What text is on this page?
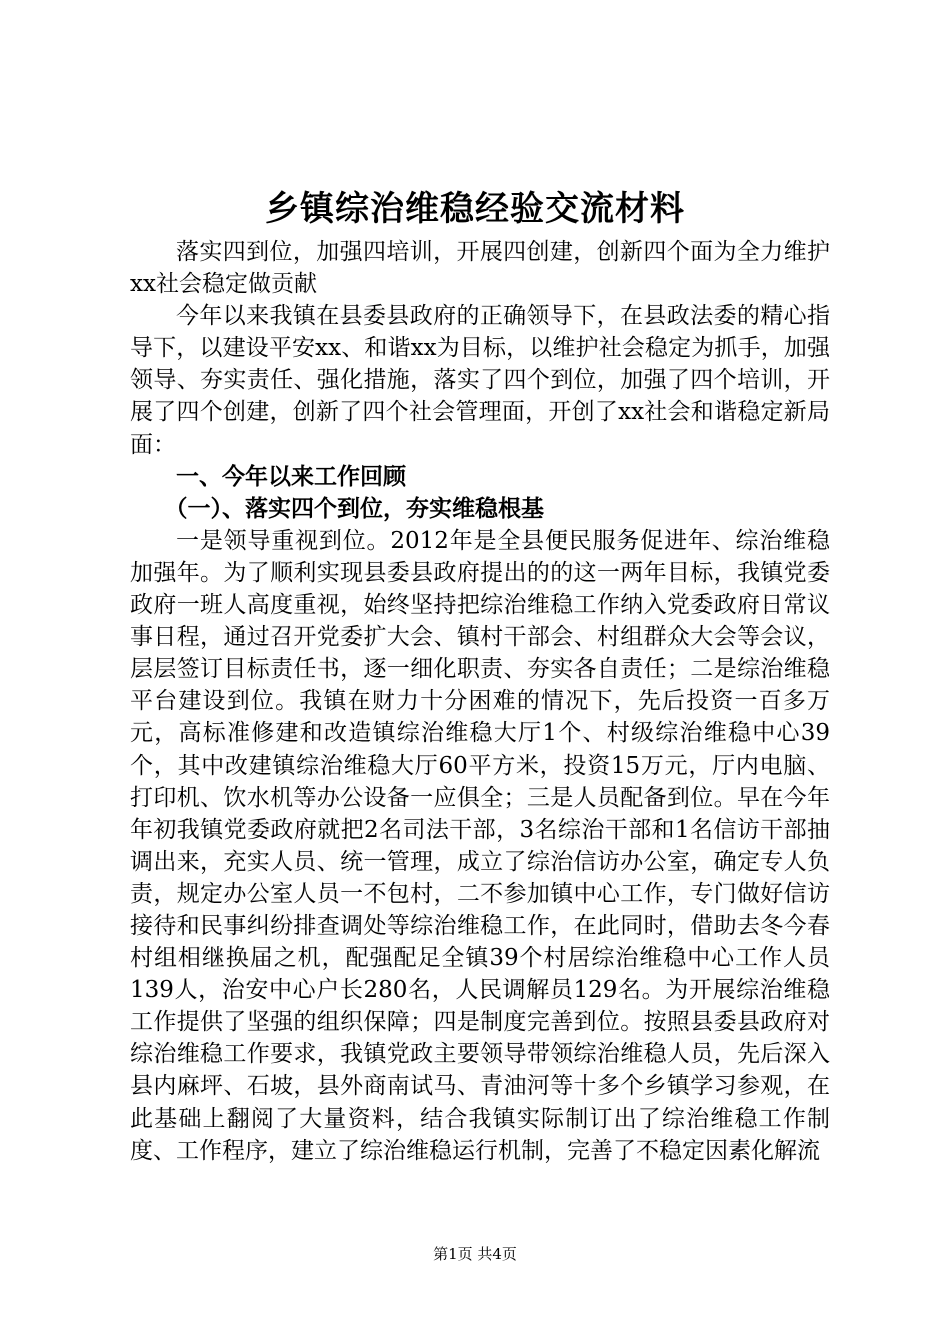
乡镇综治维稳经验交流材料

落实四到位，加强四培训，开展四创建，创新四个面为全力维护xx社会稳定做贡献

今年以来我镇在县委县政府的正确领导下，在县政法委的精心指导下，以建设平安xx、和谐xx为目标，以维护社会稳定为抓手，加强领导、夯实责任、强化措施，落实了四个到位，加强了四个培训，开展了四个创建，创新了四个社会管理面，开创了xx社会和谐稳定新局面：

一、今年以来工作回顾
（一）、落实四个到位，夯实维稳根基

一是领导重视到位。2012年是全县便民服务促进年、综治维稳加强年。为了顺利实现县委县政府提出的的这一两年目标，我镇党委政府一班人高度重视，始终坚持把综治维稳工作纳入党委政府日常议事日程，通过召开党委扩大会、镇村干部会、村组群众大会等会议，层层签订目标责任书，逐一细化职责、夯实各自责任；二是综治维稳平台建设到位。我镇在财力十分困难的情况下，先后投资一百多万元，高标准修建和改造镇综治维稳大厅1个、村级综治维稳中心39个，其中改建镇综治维稳大厅60平方米，投资15万元，厅内电脑、打印机、饮水机等办公设备一应俱全；三是人员配备到位。早在今年年初我镇党委政府就把2名司法干部，3名综治干部和1名信访干部抽调出来，充实人员、统一管理，成立了综治信访办公室，确定专人负责，规定办公室人员一不包村，二不参加镇中心工作，专门做好信访接待和民事纠纷排查调处等综治维稳工作，在此同时，借助去冬今春村组相继换届之机，配强配足全镇39个村居综治维稳中心工作人员139人，治安中心户长280名，人民调解员129名。为开展综治维稳工作提供了坚强的组织保障；四是制度完善到位。按照县委县政府对综治维稳工作要求，我镇党政主要领导带领综治维稳人员，先后深入县内麻坪、石坡，县外商南试马、青油河等十多个乡镇学习参观，在此基础上翻阅了大量资料，结合我镇实际制订出了综治维稳工作制度、工作程序，建立了综治维稳运行机制，完善了不稳定因素化解流

第1页 共4页
